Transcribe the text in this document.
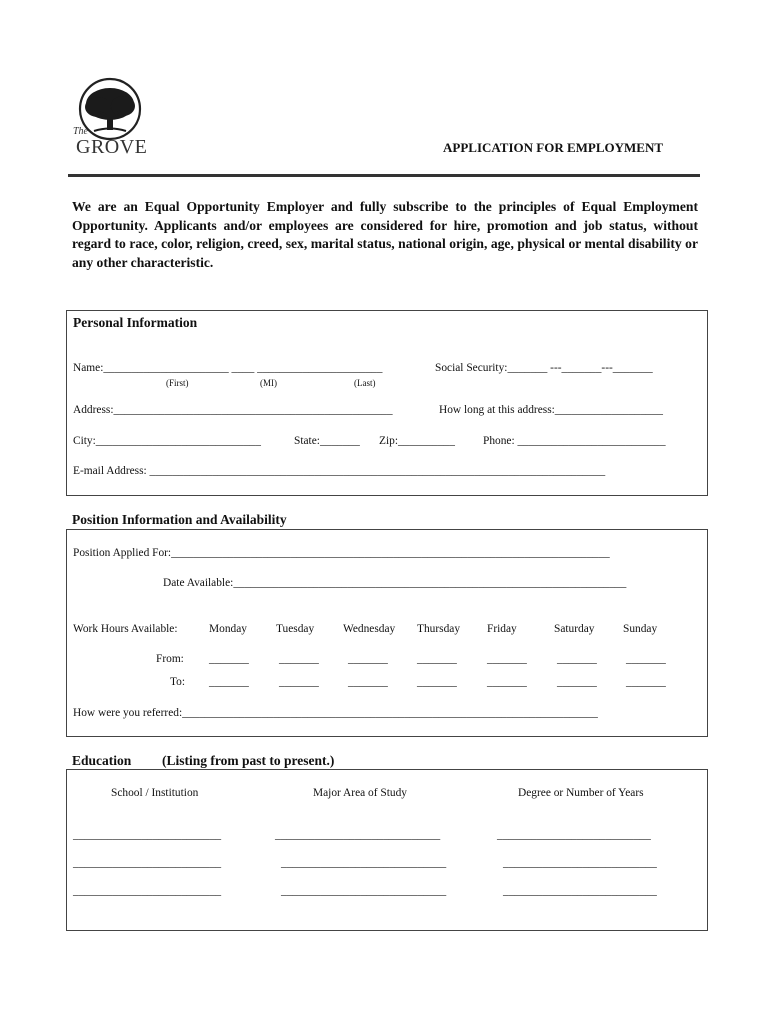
The
GROVE	APPLICATION FOR EMPLOYMENT
We are an Equal Opportunity Employer and fully subscribe to the principles of Equal Employment Opportunity. Applicants and/or employees are considered for hire, promotion and job status, without regard to race, color, religion, creed, sex, marital status, national origin, age, physical or mental disability or any other characteristic.
Personal Information
Name:______________________ ____ ______________________	Social Security:_______ ---_______---_______
(First)	(MI)	(Last)
Address:_________________________________________________	How long at this address:___________________
City:_____________________________	State:_______ Zip:__________ Phone: __________________________
E-mail Address: ________________________________________________________________________________
Position Information and Availability
Position Applied For:_____________________________________________________________________________
Date Available:_____________________________________________________________________
Work Hours Available:	Monday	Tuesday	Wednesday Thursday Friday	Saturday	Sunday
From: _______	_______	_______	_______	_______	_______	_______
To: _______	_______	_______	_______	_______	_______	_______
How were you referred:_________________________________________________________________________
Education (Listing from past to present.)
School / Institution	Major Area of Study	Degree or Number of Years
__________________________	_____________________________	___________________________
__________________________	_____________________________	___________________________
__________________________	_____________________________	___________________________
